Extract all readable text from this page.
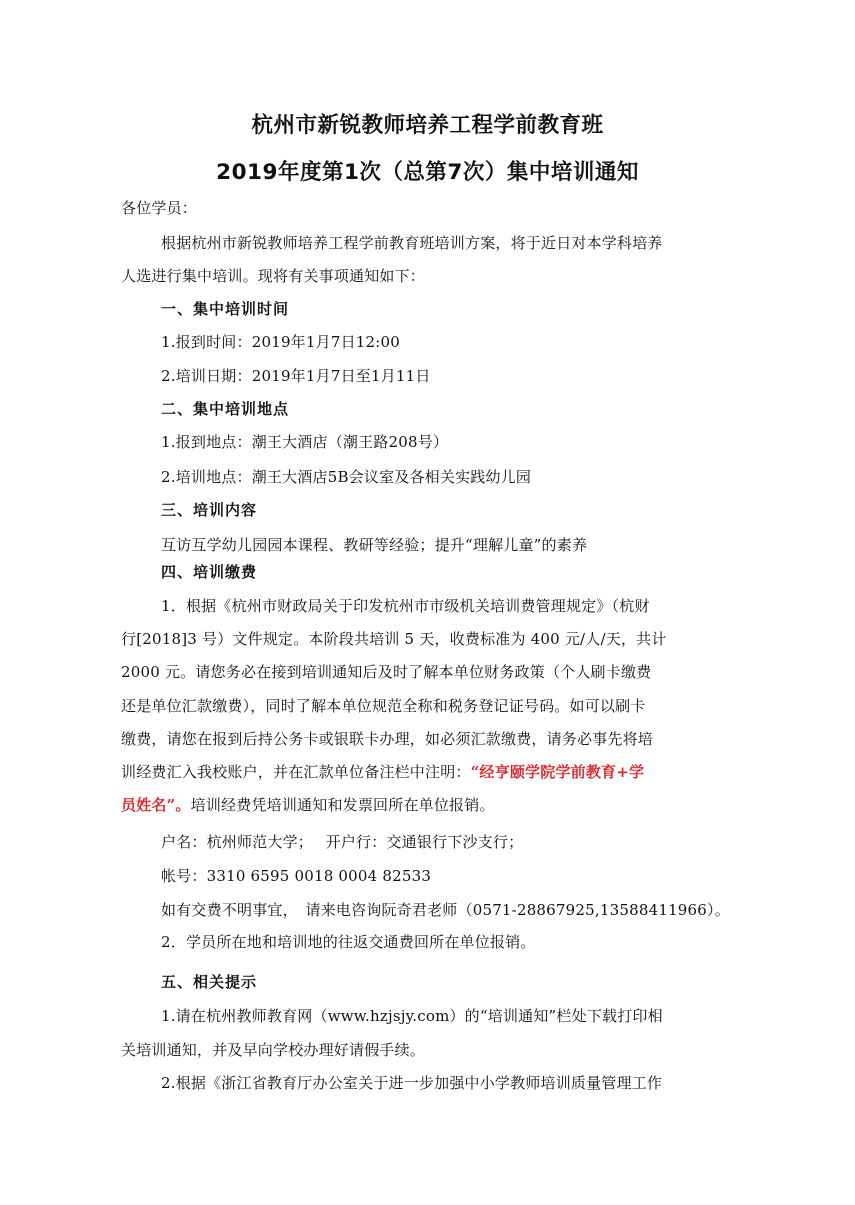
杭州市新锐教师培养工程学前教育班
2019年度第1次（总第7次）集中培训通知
各位学员：
根据杭州市新锐教师培养工程学前教育班培训方案，将于近日对本学科培养
人选进行集中培训。现将有关事项通知如下：
一、集中培训时间
1.报到时间：2019年1月7日12:00
2.培训日期：2019年1月7日至1月11日
二、集中培训地点
1.报到地点：潮王大酒店（潮王路208号）
2.培训地点：潮王大酒店5B会议室及各相关实践幼儿园
三、培训内容
互访互学幼儿园园本课程、教研等经验；提升“理解儿童”的素养
四、培训缴费
1．根据《杭州市财政局关于印发杭州市市级机关培训费管理规定》（杭财
行[2018]3 号）文件规定。本阶段共培训 5 天，收费标准为 400 元/人/天，共计
2000 元。请您务必在接到培训通知后及时了解本单位财务政策（个人刷卡缴费
还是单位汇款缴费），同时了解本单位规范全称和税务登记证号码。如可以刷卡
缴费，请您在报到后持公务卡或银联卡办理，如必须汇款缴费，请务必事先将培
训经费汇入我校账户，并在汇款单位备注栏中注明：“经亨颐学院学前教育+学
员姓名”。培训经费凭培训通知和发票回所在单位报销。
户名：杭州师范大学；　 开户行：交通银行下沙支行；
帐号：3310 6595 0018 0004 82533
如有交费不明事宜，　请来电咨询阮奇君老师（0571-28867925,13588411966）。
2．学员所在地和培训地的往返交通费回所在单位报销。
五、相关提示
1.请在杭州教师教育网（www.hzjsjy.com）的“培训通知”栏处下载打印相
关培训通知，并及早向学校办理好请假手续。
2.根据《浙江省教育厅办公室关于进一步加强中小学教师培训质量管理工作
